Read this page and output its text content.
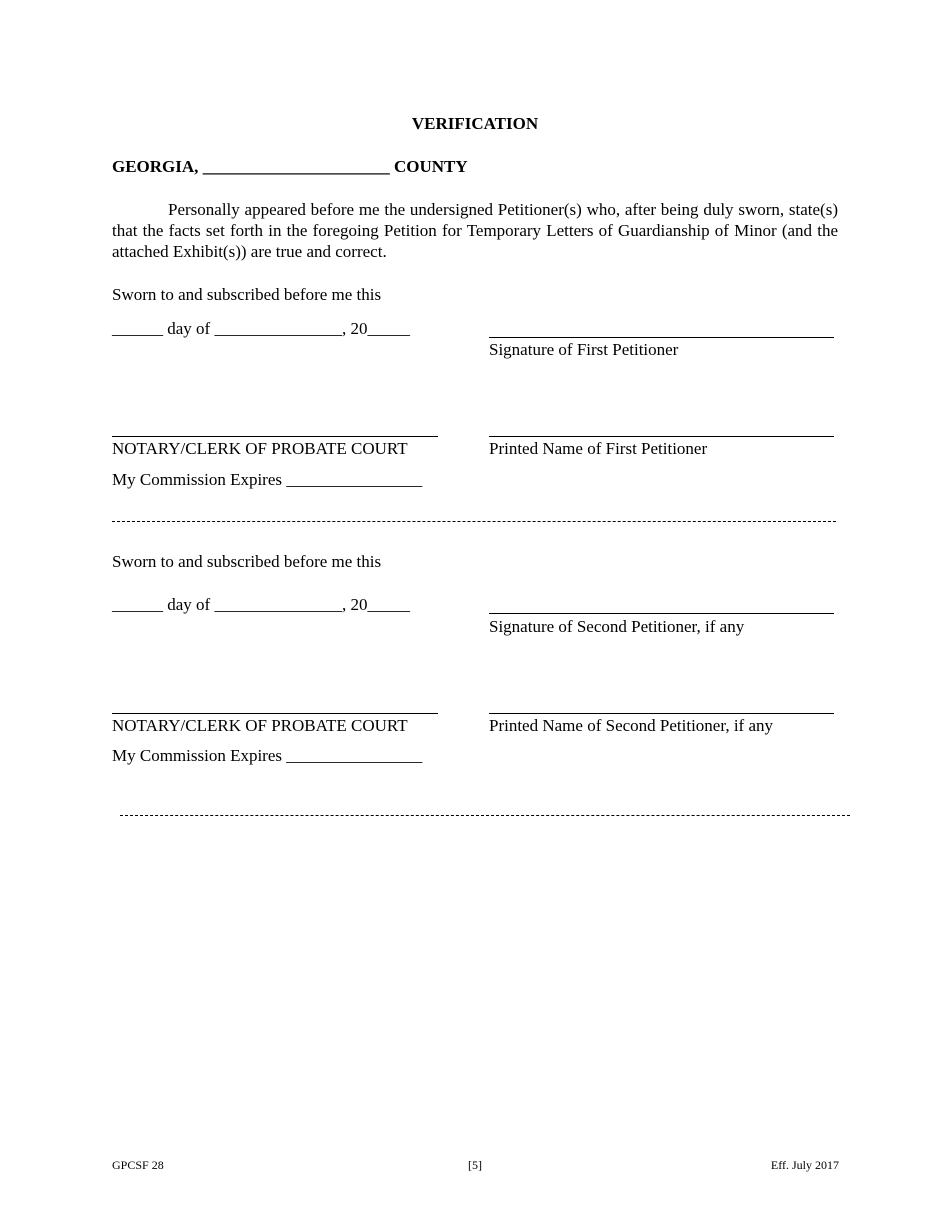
VERIFICATION
GEORGIA, ______________________ COUNTY
Personally appeared before me the undersigned Petitioner(s) who, after being duly sworn, state(s) that the facts set forth in the foregoing Petition for Temporary Letters of Guardianship of Minor (and the attached Exhibit(s)) are true and correct.
Sworn to and subscribed before me this
______ day of _______________, 20_____
Signature of First Petitioner
NOTARY/CLERK OF PROBATE COURT	Printed Name of First Petitioner
My Commission Expires ________________
Sworn to and subscribed before me this
______ day of _______________, 20_____
Signature of Second Petitioner, if any
NOTARY/CLERK OF PROBATE COURT	Printed Name of Second Petitioner, if any
My Commission Expires ________________
GPCSF 28	[5]	Eff. July 2017
